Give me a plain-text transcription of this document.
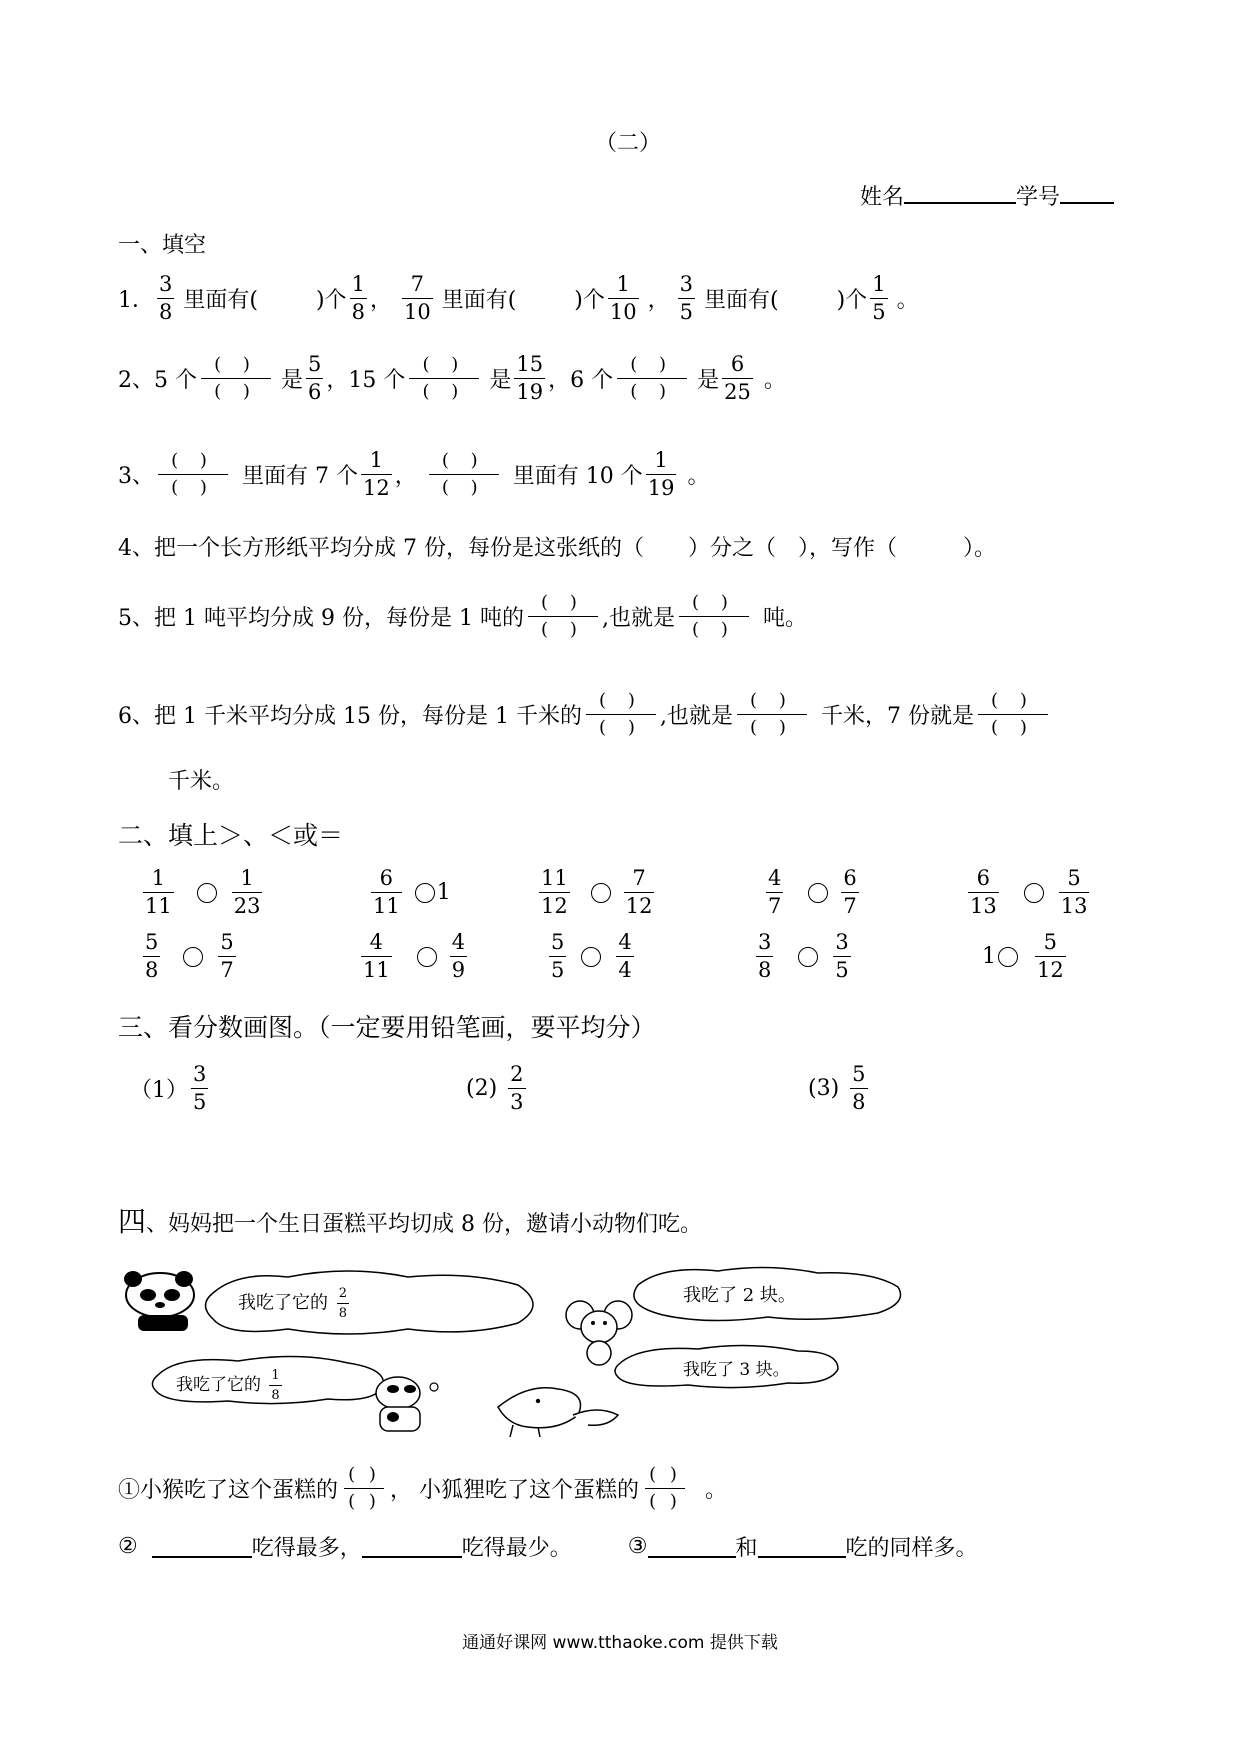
（二）
姓名	学号
一、填空
1． $\frac{3}{8}$ 里面有(	)个 $\frac{1}{8}$ ， $\frac{7}{10}$ 里面有(	)个 $\frac{1}{10}$ ， $\frac{3}{5}$ 里面有(	)个 $\frac{1}{5}$ 。
2、5 个
( )
( )	是 $\frac{5}{6}$ ，15 个
( )
( )	是 $\frac{15}{19}$ ，6 个
( )
( )	是 $\frac{6}{25}$ 。
3、
( )
( )	里面有 7 个 $\frac{1}{12}$ ，
( )
( )	里面有 10 个 $\frac{1}{19}$ 。
4、把一个长方形纸平均分成 7 份，每份是这张纸的（　　）分之（　），写作（　　　）。
5、把 1 吨平均分成 9 份，每份是 1 吨的
( )
( ) ,也就是
( )
( )	吨。
6、把 1 千米平均分成 15 份，每份是 1 千米的
( )
( ) ,也就是
( )
( )	千米，7 份就是
( )
( )
千米。
二、填上＞、＜或＝
$\frac{1}{11}$	$\frac{1}{23}$	$\frac{6}{11} 1$	$\frac{11}{12}$	$\frac{7}{12}$	$\frac{4}{7}$	$\frac{6}{7}$	$\frac{6}{13}$	$\frac{5}{13}$
$\frac{5}{8}$	$\frac{5}{7}$	$\frac{4}{11}$	$\frac{4}{9}$	$\frac{5}{5} \frac{4}{4}$	$\frac{3}{8}$	$\frac{3}{5}$	$1 \frac{5}{12}$
三、看分数画图。（一定要用铅笔画，要平均分）
$(1) \frac{3}{5}$	$(2) \frac{2}{3}$	$(3) \frac{5}{8}$
四、妈妈把一个生日蛋糕平均切成 8 份，邀请小动物们吃。
我吃了它的 $\frac{2}{8}$	我吃了 2 块。
我吃了它的 $\frac{1}{8}$	我吃了 3 块。
①小猴吃了这个蛋糕的
( )
( ) ， 小狐狸吃了这个蛋糕的
( )
( ) 。
②	吃得最多，	吃得最少。	③	和	吃的同样多。
通通好课网 www.tthaoke.com 提供下载
